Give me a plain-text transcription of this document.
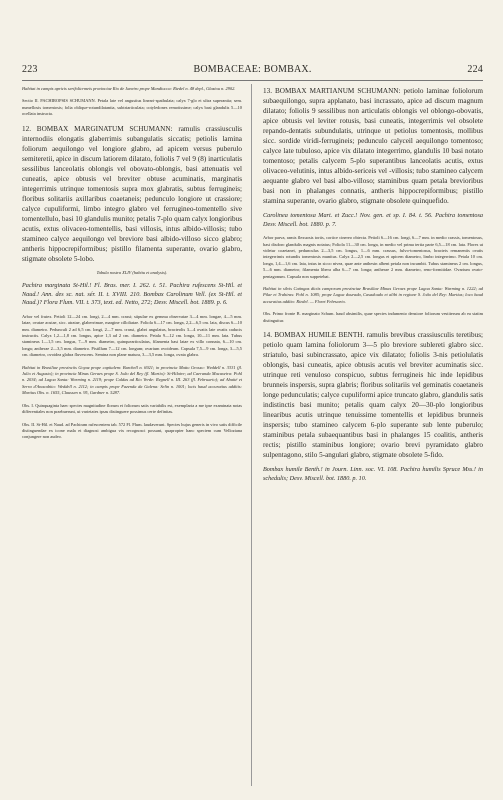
223	BOMBACEAE: BOMBAX.	224

Habitat in campis apricis serifolicrmeis provinciae Rio de Janeiro prope Mandiocca: Riedel n. 48 depl., Glaziou n. 2902.

Sectio II. PACHIROPSIS SCHUMANN. Petala late vel angustius lineari-spathulata; calyx 7-glo et ultra superantia; sem. numellosis tomentosis; folia oblique-rotundilatantia, subtriarticulata; cotyledones remotissime; calyx basi glandulis 5—10 ocellata instructa.

12. BOMBAX MARGINATUM SCHUMANN: ramulis crassiusculis internodiis elongatis glaberrimis subangulatis siccatis; petiolis lamina foliorum aequilongo vel longiore glabro, ad apicem versus puberulo semiteretii, apice in discum latiorem dilatato, foliolis 7 vel 9 (8) inarticulatis sessilibus lanceolatis oblongis vel obovato-oblongis, basi attenuatis vel cuneatis, apice obtusis vel breviter obtuse acuminatis, marginatis integerrimis utrinque tomentosis supra mox glabratis, subtus ferrugineis; floribus solitariis axillaribus coaetaneis; pedunculo longiore ut crassiore; calyce cupuliformi, limbo integro glabro vel ferrugineo-tomentello sive tomentellulo, basi 10 glandulis munito; petalis 7-plo quam calyx longioribus acutis, extus olivaceo-tomentellis, basi villosis, intus albido-villosis; tubo stamineo calyce aequilongo vel breviore basi albido-villoso sicco glabro; antheris hippocrepiformibus; pistillo filamenta superante, ovario glabro, stigmate obsolete 5-lobo.

Tabula nostra XLIV (habitu et analysis).

Pachira marginata St-Hil.! Fl. Bras. mer. I. 262. t. 51. Pachira rufescens St-Hil. et Naud.! Ann. des sc. nat. sér. II. t. XVIII. 210. Bombax Carolinum Vell. (ex St-Hil. et Naud.)? Flora Flum. VII. t. 373, text. ed. Netto, 272; Desv. Miscell. bot. 1889. p. 6.

Arbor vel frutex. Petioli 12—24 cm. longi, 2—4 mm. crassi; stipulae ex gemma observatae 3—4 mm. longae, 4—5 mm. latae, ovatae acutae, sicc. atratae, glaberrimae, margine cilloliatae. Foliola 6—17 cm. longa, 2,2—6,5 cm. lata, discus 6—10 mm. diametro. Pedunculi 2 ad 6,5 cm. longi, 2—7 mm. crassi, glabri angulatus, bracteolis 3—4 ovatis late ovatis caducis instructis. Calyx 1,2—1,8 cm. longus, apice 1,3 ad 2 cm. diametro. Petala 9—12 cm. longa, 10—11 mm. lata. Tubus stamineus 1—1,5 cm. longus, 7—9 mm. diametro, quinquearticulatus, filamenta basi latae ex villo connata, 6—10 cm. longa; antherae 2—3,5 mm. diametro. Pistillum 7—12 cm. longum; ovarium ovoideum. Capsula 7,5—9 cm. longa, 3—5,5 cm. diametro, ovoidea glabra fluvescens. Semina non plane matura, 3—3,5 mm. longa, ovata glabra.

Habitat in Brasiliae provinciis Goyaz prope capitalem: Burchell n. 6921; in provincia Matto Grosso: Weddell n. 3331 (fl. Julio et Augusto); in provincia Minas Geraes prope S. João del Rey (fl. Martio): St-Hilaire; ad Caeranda Macaxeira: Pohl n. 2034; ad Lagoa Santa: Warming n. 2119; prope Caldas ad Rio Verde: Regnell n. III. 263 (fl. Februario); ad Abaité et Serra d'Anacabito: Weddell n. 2112; in campis prope Fazenda da Galena: Selin n. 1001; locis haud accuratius additis: Martius Obs. n. 1655, Claussen n. 95, Gardner n. 5287.

Obs. I. Quinquaginta haec species magnitudine florum et foliorum satis variabilis est, exemplaria a me ipse examinata notas differentiales non praebuerunt, ut varietates ipsas distinguere possimus certe definitas.

Obs. II. St-Hil. et Naud. ad Pachiram rufescentem tab. 572 Fl. Flum. laudaverunt. Species hujus generis in vivo satis difficile distinguendae ex icone mala et diagnosi ambigua vix recognosci possunt, quapropter hanc speciem cum Velloziana conjungere non audeo.

13. BOMBAX MARTIANUM SCHUMANN: petiolo laminae foliolorum subaequilongo, supra applanato, basi incrassato, apice ad discum magnum dilatato; foliolis 9 sessilibus non articulatis oblongis vel oblongo-obovatis, apice obtusis vel leviter rotusis, basi cuneatis, integerrimis vel obsolete repando-dentatis subundulatis, utrinque ut petiolus tomentosis, mollibus sicc. sordide viridi-ferrugineis; pedunculo calyceil aequilongo tomentoso; calyce late tubuloso, apice vix dilatato integerrimo, glandulis 10 basi notato tomentoso; petalis calycem 5-plo superantibus lanceolatis acutis, extus olivaceo-velutinis, intus albido-sericeis vel -villosis; tubo stamineo calycem aequante glabro vel basi albo-villoso; staminibus quam petala brevioribus basi non in phalanges connatis, antheris hippocrepiformibus; pistillo stamina superante, ovario glabro, stigmate obsolete quinquefido.

Carolinea tomentosa Mart. et Zucc.! Nov. gen. et sp. I. 84. t. 56. Pachira tomentosa Desv. Miscell. bot. 1880. p. 7.

Arbor parva, ramis flexuosis tortis, cortice cinereo obtecta. Petioli 6—16 cm. longi, 6—7 mm. in medio crassis, tomentosus, basi disdoro glandulis magnis notatus; Foliola 11—30 cm. longa, in medio vel prima tertia parte 6,5—18 cm. lata. Flores ut videtur coaetanei, pedunculus 2—3,5 cm. longus, 1—6 mm. crassus, fulvo-tomentosus, bracteis remanentis ovatis integerrimis rotundis tomentosis munitus. Calyx 2—2,5 cm. longus et apicem diametro, limbo integerrimo. Petala 10 cm. longa, 1,4—1,6 cm. lata, intus in sicco nivea, quae ante anthesin albent petala non incumbit. Tubus stamineus 2 cm. longus, 5—6 mm. diametro; filamenta libera alba 6—7 cm. longa; antherae 2 mm. diametro, reno-formitidae. Ovarium ovato-pentagonum. Capsula non suppetebat.

Habitat in silvis Catingas dictis camporum provinciae Brasiliae Minas Geraes prope Lagoa Santa: Warming n. 1222; ad Pilar et Trahiras: Pohl n. 1085; prope Lagoa dourada, Casadoudo et alibi in regione S. João del Rey: Martius; loco haud accuratius addito: Riedel. — Floret Februario.

Obs. Primo fronte B. marginato Schum. haud absimilis, quae species indumento densiore foliorum vestiterum ab ea statim distinguitur.

14. BOMBAX HUMILE BENTH. ramulis brevibus crassiusculis teretibus; petiolo quam lamina foliolorum 3—5 plo breviore sublereti glabro sicc. striatulo, basi subincrassato, apice vix dilatato; foliolis 3-nis petiolulatis oblongis, basi cuneatis, apice obtusis acutis vel breviter acuminatis sicc. utrinque reti venuloso conspicuo, subtus ferrugineis hic inde lepidibus brunneis inspersis, supra glabris; floribus solitariis vel geminatis coaetaneis longe pedunculatis; calyce cupuliformi apice truncato glabro, glandulis satis indistinctis basi munito; petalis quam calyx 20—30-plo longioribus linearibus acutis utrinque tenuissime tomentellis et lepidibus brunneis inspersis; tubo stamineo calycem 6-plo superante sub lente puberulo; staminibus petala subaequantibus basi in phalanges 15 coalitis, antheris rectis; pistillo staminibus longiore; ovario brevi pyramidato glabro sulpentagono, stilo 5-angulari glabro, stigmate obsolete 5-fido.

Bombax humile Benth.! in Journ. Linn. soc. VI. 108. Pachira humilis Spruce Mss.! in schedulis; Desv. Miscell. bot. 1880. p. 10.
